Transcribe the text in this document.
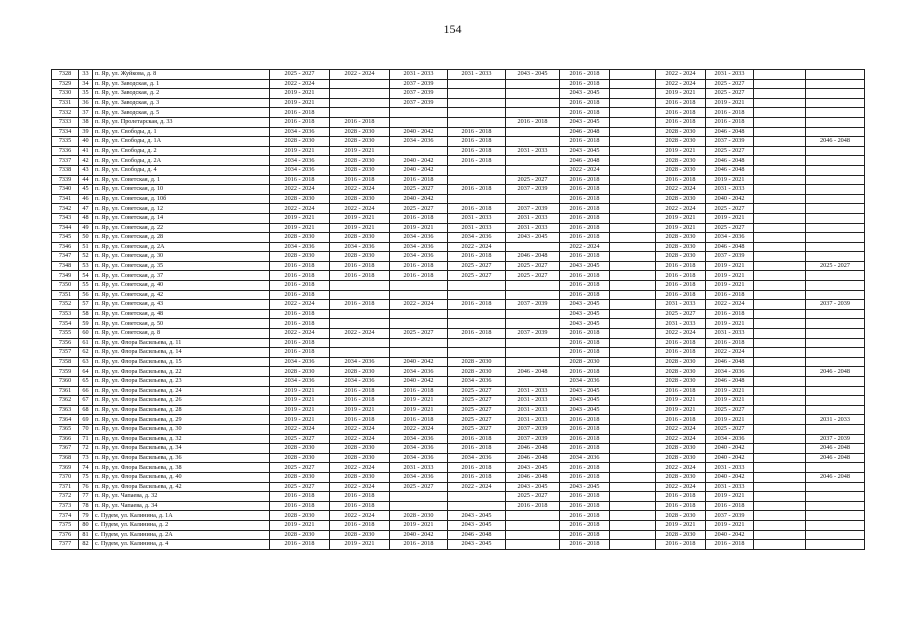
154
7328	33	п. Яр, ул. Жуйкова, д. 8	2025 - 2027	2022 - 2024	2031 - 2033	2031 - 2033	2043 - 2045	2016 - 2018		2022 - 2024	2031 - 2033		
7329	34	п. Яр, ул. Заводская, д. 1	2022 - 2024		2037 - 2039			2016 - 2018		2022 - 2024	2025 - 2027		
7330	35	п. Яр, ул. Заводская, д. 2	2019 - 2021		2037 - 2039			2043 - 2045		2019 - 2021	2025 - 2027		
7331	36	п. Яр, ул. Заводская, д. 3	2019 - 2021		2037 - 2039			2016 - 2018		2016 - 2018	2019 - 2021		
7332	37	п. Яр, ул. Заводская, д. 5	2016 - 2018					2016 - 2018		2016 - 2018	2016 - 2018		
7333	38	п. Яр, ул. Пролетарская, д. 33	2016 - 2018	2016 - 2018			2016 - 2018	2043 - 2045		2016 - 2018	2016 - 2018		
7334	39	п. Яр, ул. Свободы, д. 1	2034 - 2036	2028 - 2030	2040 - 2042	2016 - 2018		2046 - 2048		2028 - 2030	2046 - 2048		
7335	40	п. Яр, ул. Свободы, д. 1А	2028 - 2030	2028 - 2030	2034 - 2036	2016 - 2018		2016 - 2018		2028 - 2030	2037 - 2039		2046 - 2048
7336	41	п. Яр, ул. Свободы, д. 2	2019 - 2021	2019 - 2021		2016 - 2018	2031 - 2033	2043 - 2045		2019 - 2021	2025 - 2027		
7337	42	п. Яр, ул. Свободы, д. 2А	2034 - 2036	2028 - 2030	2040 - 2042	2016 - 2018		2046 - 2048		2028 - 2030	2046 - 2048		
7338	43	п. Яр, ул. Свободы, д. 4	2034 - 2036	2028 - 2030	2040 - 2042			2022 - 2024		2028 - 2030	2046 - 2048		
7339	44	п. Яр, ул. Советская, д. 1	2016 - 2018	2016 - 2018	2016 - 2018		2025 - 2027	2016 - 2018		2016 - 2018	2019 - 2021		
7340	45	п. Яр, ул. Советская, д. 10	2022 - 2024	2022 - 2024	2025 - 2027	2016 - 2018	2037 - 2039	2016 - 2018		2022 - 2024	2031 - 2033		
7341	46	п. Яр, ул. Советская, д. 10б	2028 - 2030	2028 - 2030	2040 - 2042			2016 - 2018		2028 - 2030	2040 - 2042		
7342	47	п. Яр, ул. Советская, д. 12	2022 - 2024	2022 - 2024	2025 - 2027	2016 - 2018	2037 - 2039	2016 - 2018		2022 - 2024	2025 - 2027		
7343	48	п. Яр, ул. Советская, д. 14	2019 - 2021	2019 - 2021	2016 - 2018	2031 - 2033	2031 - 2033	2016 - 2018		2019 - 2021	2019 - 2021		
7344	49	п. Яр, ул. Советская, д. 22	2019 - 2021	2019 - 2021	2019 - 2021	2031 - 2033	2031 - 2033	2016 - 2018		2019 - 2021	2025 - 2027		
7345	50	п. Яр, ул. Советская, д. 28	2028 - 2030	2028 - 2030	2034 - 2036	2034 - 2036	2043 - 2045	2016 - 2018		2028 - 2030	2034 - 2036		
7346	51	п. Яр, ул. Советская, д. 2А	2034 - 2036	2034 - 2036	2034 - 2036	2022 - 2024		2022 - 2024		2028 - 2030	2046 - 2048		
7347	52	п. Яр, ул. Советская, д. 30	2028 - 2030	2028 - 2030	2034 - 2036	2016 - 2018	2046 - 2048	2016 - 2018		2028 - 2030	2037 - 2039		
7348	53	п. Яр, ул. Советская, д. 35	2016 - 2018	2016 - 2018	2016 - 2018	2025 - 2027	2025 - 2027	2043 - 2045		2016 - 2018	2019 - 2021		2025 - 2027
7349	54	п. Яр, ул. Советская, д. 37	2016 - 2018	2016 - 2018	2016 - 2018	2025 - 2027	2025 - 2027	2016 - 2018		2016 - 2018	2019 - 2021		
7350	55	п. Яр, ул. Советская, д. 40	2016 - 2018					2016 - 2018		2016 - 2018	2019 - 2021		
7351	56	п. Яр, ул. Советская, д. 42	2016 - 2018					2016 - 2018		2016 - 2018	2016 - 2018		
7352	57	п. Яр, ул. Советская, д. 43	2022 - 2024	2016 - 2018	2022 - 2024	2016 - 2018	2037 - 2039	2043 - 2045		2031 - 2033	2022 - 2024		2037 - 2039
7353	58	п. Яр, ул. Советская, д. 48	2016 - 2018					2043 - 2045		2025 - 2027	2016 - 2018		
7354	59	п. Яр, ул. Советская, д. 50	2016 - 2018					2043 - 2045		2031 - 2033	2019 - 2021		
7355	60	п. Яр, ул. Советская, д. 8	2022 - 2024	2022 - 2024	2025 - 2027	2016 - 2018	2037 - 2039	2016 - 2018		2022 - 2024	2031 - 2033		
7356	61	п. Яр, ул. Флора Васильева, д. 11	2016 - 2018					2016 - 2018		2016 - 2018	2016 - 2018		
7357	62	п. Яр, ул. Флора Васильева, д. 14	2016 - 2018					2016 - 2018		2016 - 2018	2022 - 2024		
7358	63	п. Яр, ул. Флора Васильева, д. 15	2034 - 2036	2034 - 2036	2040 - 2042	2028 - 2030		2028 - 2030		2028 - 2030	2046 - 2048		
7359	64	п. Яр, ул. Флора Васильева, д. 22	2028 - 2030	2028 - 2030	2034 - 2036	2028 - 2030	2046 - 2048	2016 - 2018		2028 - 2030	2034 - 2036		2046 - 2048
7360	65	п. Яр, ул. Флора Васильева, д. 23	2034 - 2036	2034 - 2036	2040 - 2042	2034 - 2036		2034 - 2036		2028 - 2030	2046 - 2048		
7361	66	п. Яр, ул. Флора Васильева, д. 24	2019 - 2021	2016 - 2018	2016 - 2018	2025 - 2027	2031 - 2033	2043 - 2045		2016 - 2018	2019 - 2021		
7362	67	п. Яр, ул. Флора Васильева, д. 26	2019 - 2021	2016 - 2018	2019 - 2021	2025 - 2027	2031 - 2033	2043 - 2045		2019 - 2021	2019 - 2021		
7363	68	п. Яр, ул. Флора Васильева, д. 28	2019 - 2021	2019 - 2021	2019 - 2021	2025 - 2027	2031 - 2033	2043 - 2045		2019 - 2021	2025 - 2027		
7364	69	п. Яр, ул. Флора Васильева, д. 29	2019 - 2021	2016 - 2018	2016 - 2018	2025 - 2027	2031 - 2033	2016 - 2018		2016 - 2018	2019 - 2021		2031 - 2033
7365	70	п. Яр, ул. Флора Васильева, д. 30	2022 - 2024	2022 - 2024	2022 - 2024	2025 - 2027	2037 - 2039	2016 - 2018		2022 - 2024	2025 - 2027		
7366	71	п. Яр, ул. Флора Васильева, д. 32	2025 - 2027	2022 - 2024	2034 - 2036	2016 - 2018	2037 - 2039	2016 - 2018		2022 - 2024	2034 - 2036		2037 - 2039
7367	72	п. Яр, ул. Флора Васильева, д. 34	2028 - 2030	2028 - 2030	2034 - 2036	2016 - 2018	2046 - 2048	2016 - 2018		2028 - 2030	2040 - 2042		2046 - 2048
7368	73	п. Яр, ул. Флора Васильева, д. 36	2028 - 2030	2028 - 2030	2034 - 2036	2034 - 2036	2046 - 2048	2034 - 2036		2028 - 2030	2040 - 2042		2046 - 2048
7369	74	п. Яр, ул. Флора Васильева, д. 38	2025 - 2027	2022 - 2024	2031 - 2033	2016 - 2018	2043 - 2045	2016 - 2018		2022 - 2024	2031 - 2033		
7370	75	п. Яр, ул. Флора Васильева, д. 40	2028 - 2030	2028 - 2030	2034 - 2036	2016 - 2018	2046 - 2048	2016 - 2018		2028 - 2030	2040 - 2042		2046 - 2048
7371	76	п. Яр, ул. Флора Васильева, д. 42	2025 - 2027	2022 - 2024	2025 - 2027	2022 - 2024	2043 - 2045	2043 - 2045		2022 - 2024	2031 - 2033		
7372	77	п. Яр, ул. Чапаева, д. 32	2016 - 2018	2016 - 2018			2025 - 2027	2016 - 2018		2016 - 2018	2019 - 2021		
7373	78	п. Яр, ул. Чапаева, д. 34	2016 - 2018	2016 - 2018			2016 - 2018	2016 - 2018		2016 - 2018	2016 - 2018		
7374	79	с. Пудем, ул. Калинина, д. 1А	2028 - 2030	2022 - 2024	2028 - 2030	2043 - 2045		2016 - 2018		2028 - 2030	2037 - 2039		
7375	80	с. Пудем, ул. Калинина, д. 2	2019 - 2021	2016 - 2018	2019 - 2021	2043 - 2045		2016 - 2018		2019 - 2021	2019 - 2021		
7376	81	с. Пудем, ул. Калинина, д. 2А	2028 - 2030	2028 - 2030	2040 - 2042	2046 - 2048		2016 - 2018		2028 - 2030	2040 - 2042		
7377	82	с. Пудем, ул. Калинина, д. 4	2016 - 2018	2019 - 2021	2016 - 2018	2043 - 2045		2016 - 2018		2016 - 2018	2016 - 2018		
